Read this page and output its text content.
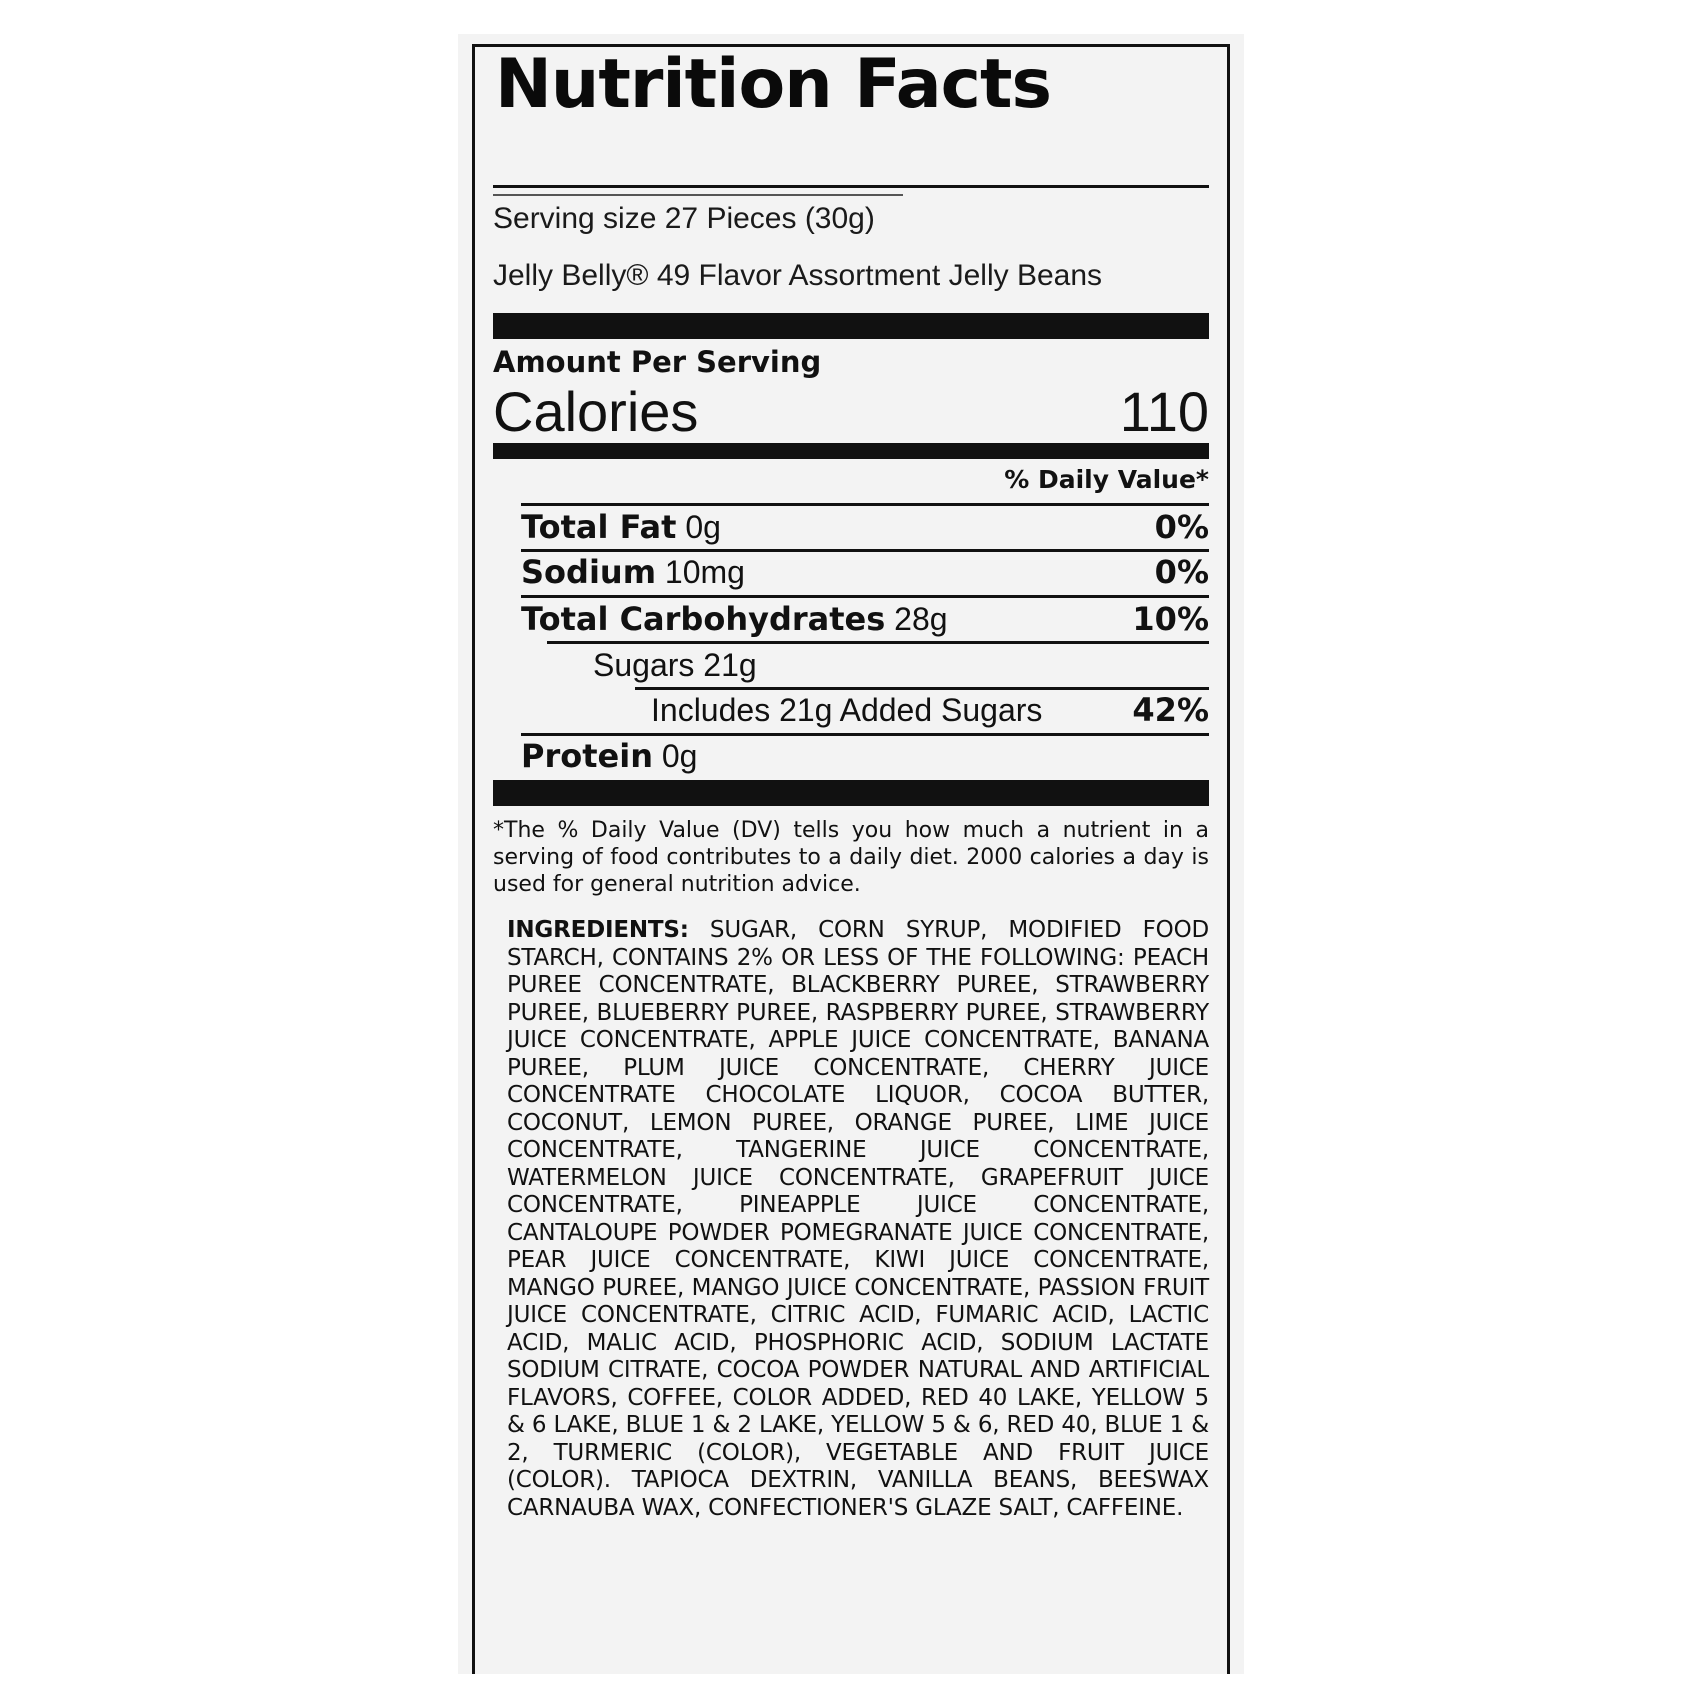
Nutrition Facts
Serving size 27 Pieces (30g)
Jelly Belly® 49 Flavor Assortment Jelly Beans
Amount Per Serving
Calories	110
% Daily Value*
Total Fat 0g	0%
Sodium 10mg	0%
Total Carbohydrates 28g	10%
Sugars 21g
Includes 21g Added Sugars	42%
Protein 0g
*The % Daily Value (DV) tells you how much a nutrient in a serving of food contributes to a daily diet. 2000 calories a day is used for general nutrition advice.
INGREDIENTS: SUGAR, CORN SYRUP, MODIFIED FOOD STARCH, CONTAINS 2% OR LESS OF THE FOLLOWING: PEACH PUREE CONCENTRATE, BLACKBERRY PUREE, STRAWBERRY PUREE, BLUEBERRY PUREE, RASPBERRY PUREE, STRAWBERRY JUICE CONCENTRATE, APPLE JUICE CONCENTRATE, BANANA PUREE, PLUM JUICE CONCENTRATE, CHERRY JUICE CONCENTRATE CHOCOLATE LIQUOR, COCOA BUTTER, COCONUT, LEMON PUREE, ORANGE PUREE, LIME JUICE CONCENTRATE, TANGERINE JUICE CONCENTRATE, WATERMELON JUICE CONCENTRATE, GRAPEFRUIT JUICE CONCENTRATE, PINEAPPLE JUICE CONCENTRATE, CANTALOUPE POWDER POMEGRANATE JUICE CONCENTRATE, PEAR JUICE CONCENTRATE, KIWI JUICE CONCENTRATE, MANGO PUREE, MANGO JUICE CONCENTRATE, PASSION FRUIT JUICE CONCENTRATE, CITRIC ACID, FUMARIC ACID, LACTIC ACID, MALIC ACID, PHOSPHORIC ACID, SODIUM LACTATE SODIUM CITRATE, COCOA POWDER NATURAL AND ARTIFICIAL FLAVORS, COFFEE, COLOR ADDED, RED 40 LAKE, YELLOW 5 & 6 LAKE, BLUE 1 & 2 LAKE, YELLOW 5 & 6, RED 40, BLUE 1 & 2, TURMERIC (COLOR), VEGETABLE AND FRUIT JUICE (COLOR). TAPIOCA DEXTRIN, VANILLA BEANS, BEESWAX CARNAUBA WAX, CONFECTIONER'S GLAZE SALT, CAFFEINE.
